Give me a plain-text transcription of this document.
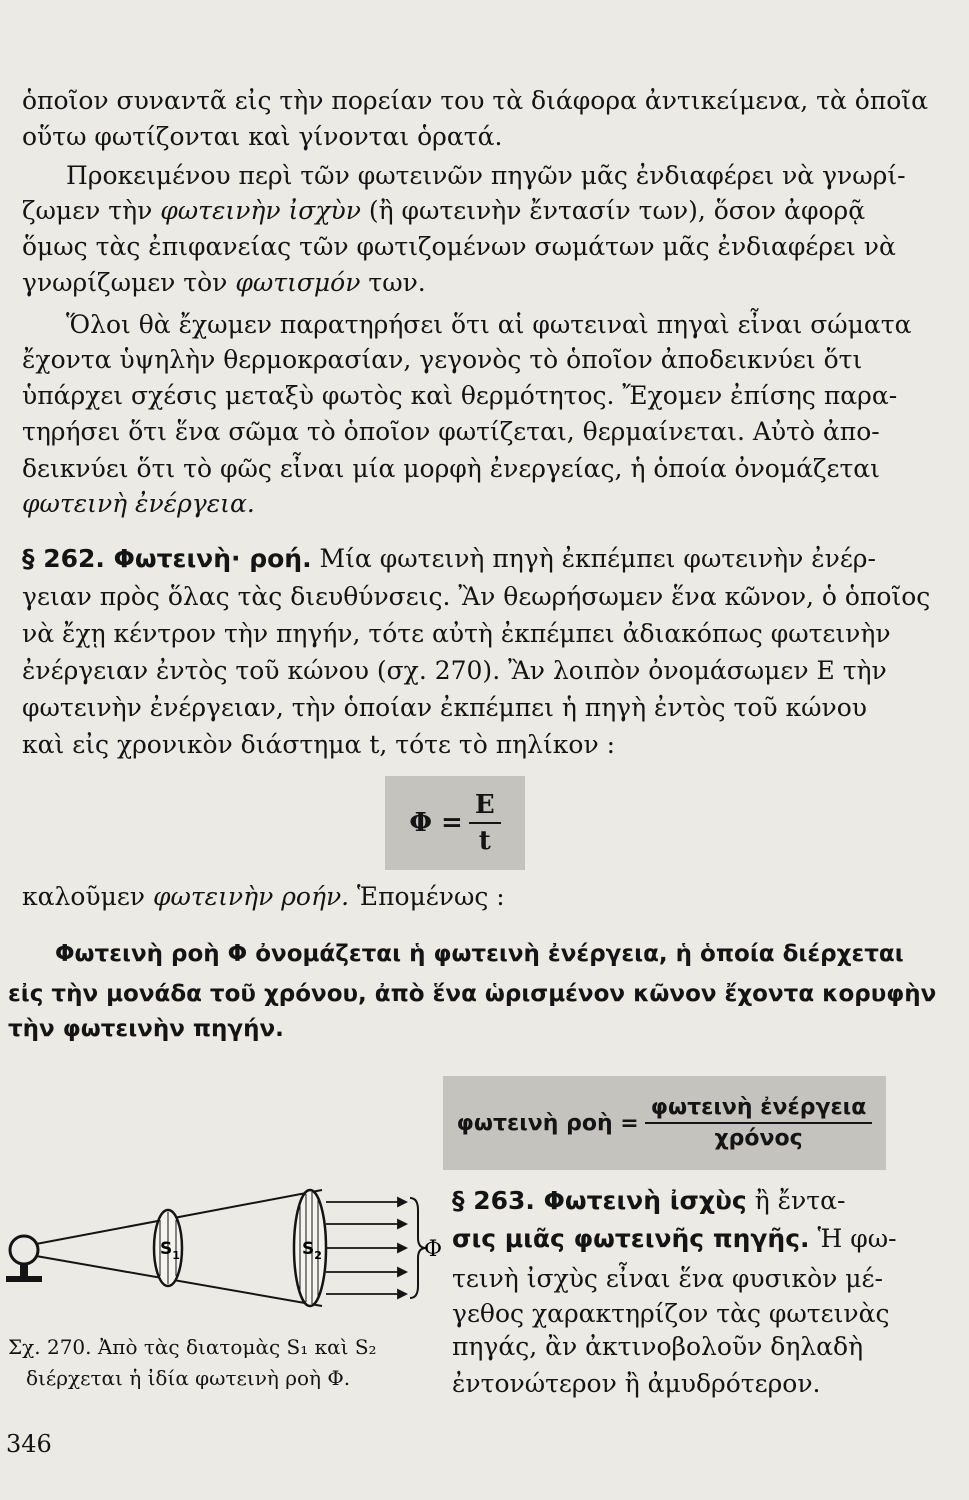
ὁποῖον συναντᾶ εἰς τὴν πορείαν του τὰ διάφορα ἀντικείμενα, τὰ ὁποῖα
οὕτω φωτίζονται καὶ γίνονται ὁρατά.
Προκειμένου περὶ τῶν φωτεινῶν πηγῶν μᾶς ἐνδιαφέρει νὰ γνωρί-
ζωμεν τὴν φωτεινὴν ἰσχὺν (ἢ φωτεινὴν ἔντασίν των), ὅσον ἀφορᾷ
ὅμως τὰς ἐπιφανείας τῶν φωτιζομένων σωμάτων μᾶς ἐνδιαφέρει νὰ
γνωρίζωμεν τὸν φωτισμόν των.
Ὅλοι θὰ ἔχωμεν παρατηρήσει ὅτι αἱ φωτειναὶ πηγαὶ εἶναι σώματα
ἔχοντα ὑψηλὴν θερμοκρασίαν, γεγονὸς τὸ ὁποῖον ἀποδεικνύει ὅτι
ὑπάρχει σχέσις μεταξὺ φωτὸς καὶ θερμότητος. Ἔχομεν ἐπίσης παρα-
τηρήσει ὅτι ἕνα σῶμα τὸ ὁποῖον φωτίζεται, θερμαίνεται. Αὐτὸ ἀπο-
δεικνύει ὅτι τὸ φῶς εἶναι μία μορφὴ ἐνεργείας, ἡ ὁποία ὀνομάζεται
φωτεινὴ ἐνέργεια.
§ 262. Φωτεινὴ· ροή. Μία φωτεινὴ πηγὴ ἐκπέμπει φωτεινὴν ἐνέρ-
γειαν πρὸς ὅλας τὰς διευθύνσεις. Ἂν θεωρήσωμεν ἕνα κῶνον, ὁ ὁποῖος
νὰ ἔχῃ κέντρον τὴν πηγήν, τότε αὐτὴ ἐκπέμπει ἀδιακόπως φωτεινὴν
ἐνέργειαν ἐντὸς τοῦ κώνου (σχ. 270). Ἂν λοιπὸν ὀνομάσωμεν Ε τὴν
φωτεινὴν ἐνέργειαν, τὴν ὁποίαν ἐκπέμπει ἡ πηγὴ ἐντὸς τοῦ κώνου
καὶ εἰς χρονικὸν διάστημα t, τότε τὸ πηλίκον :
$\Phi = \frac{E}{t}$
καλοῦμεν φωτεινὴν ροήν. Ἑπομένως :
Φωτεινὴ ροὴ Φ ὀνομάζεται ἡ φωτεινὴ ἐνέργεια, ἡ ὁποία διέρχεται
εἰς τὴν μονάδα τοῦ χρόνου, ἀπὸ ἕνα ὡρισμένον κῶνον ἔχοντα κορυφὴν
τὴν φωτεινὴν πηγήν.
φωτεινὴ ροὴ = $\frac{\text{φωτεινὴ ἐνέργεια}}{\text{χρόνος}}$
$S_1$	$S_2$	Φ
Σχ. 270. Ἀπὸ τὰς διατομὰς S₁ καὶ S₂
διέρχεται ἡ ἰδία φωτεινὴ ροὴ Φ.
§ 263. Φωτεινὴ ἰσχὺς ἢ ἔντα-
σις μιᾶς φωτεινῆς πηγῆς. Ἡ φω-
τεινὴ ἰσχὺς εἶναι ἕνα φυσικὸν μέ-
γεθος χαρακτηρίζον τὰς φωτεινὰς
πηγάς, ἂν ἀκτινοβολοῦν δηλαδὴ
ἐντονώτερον ἢ ἀμυδρότερον.
346
